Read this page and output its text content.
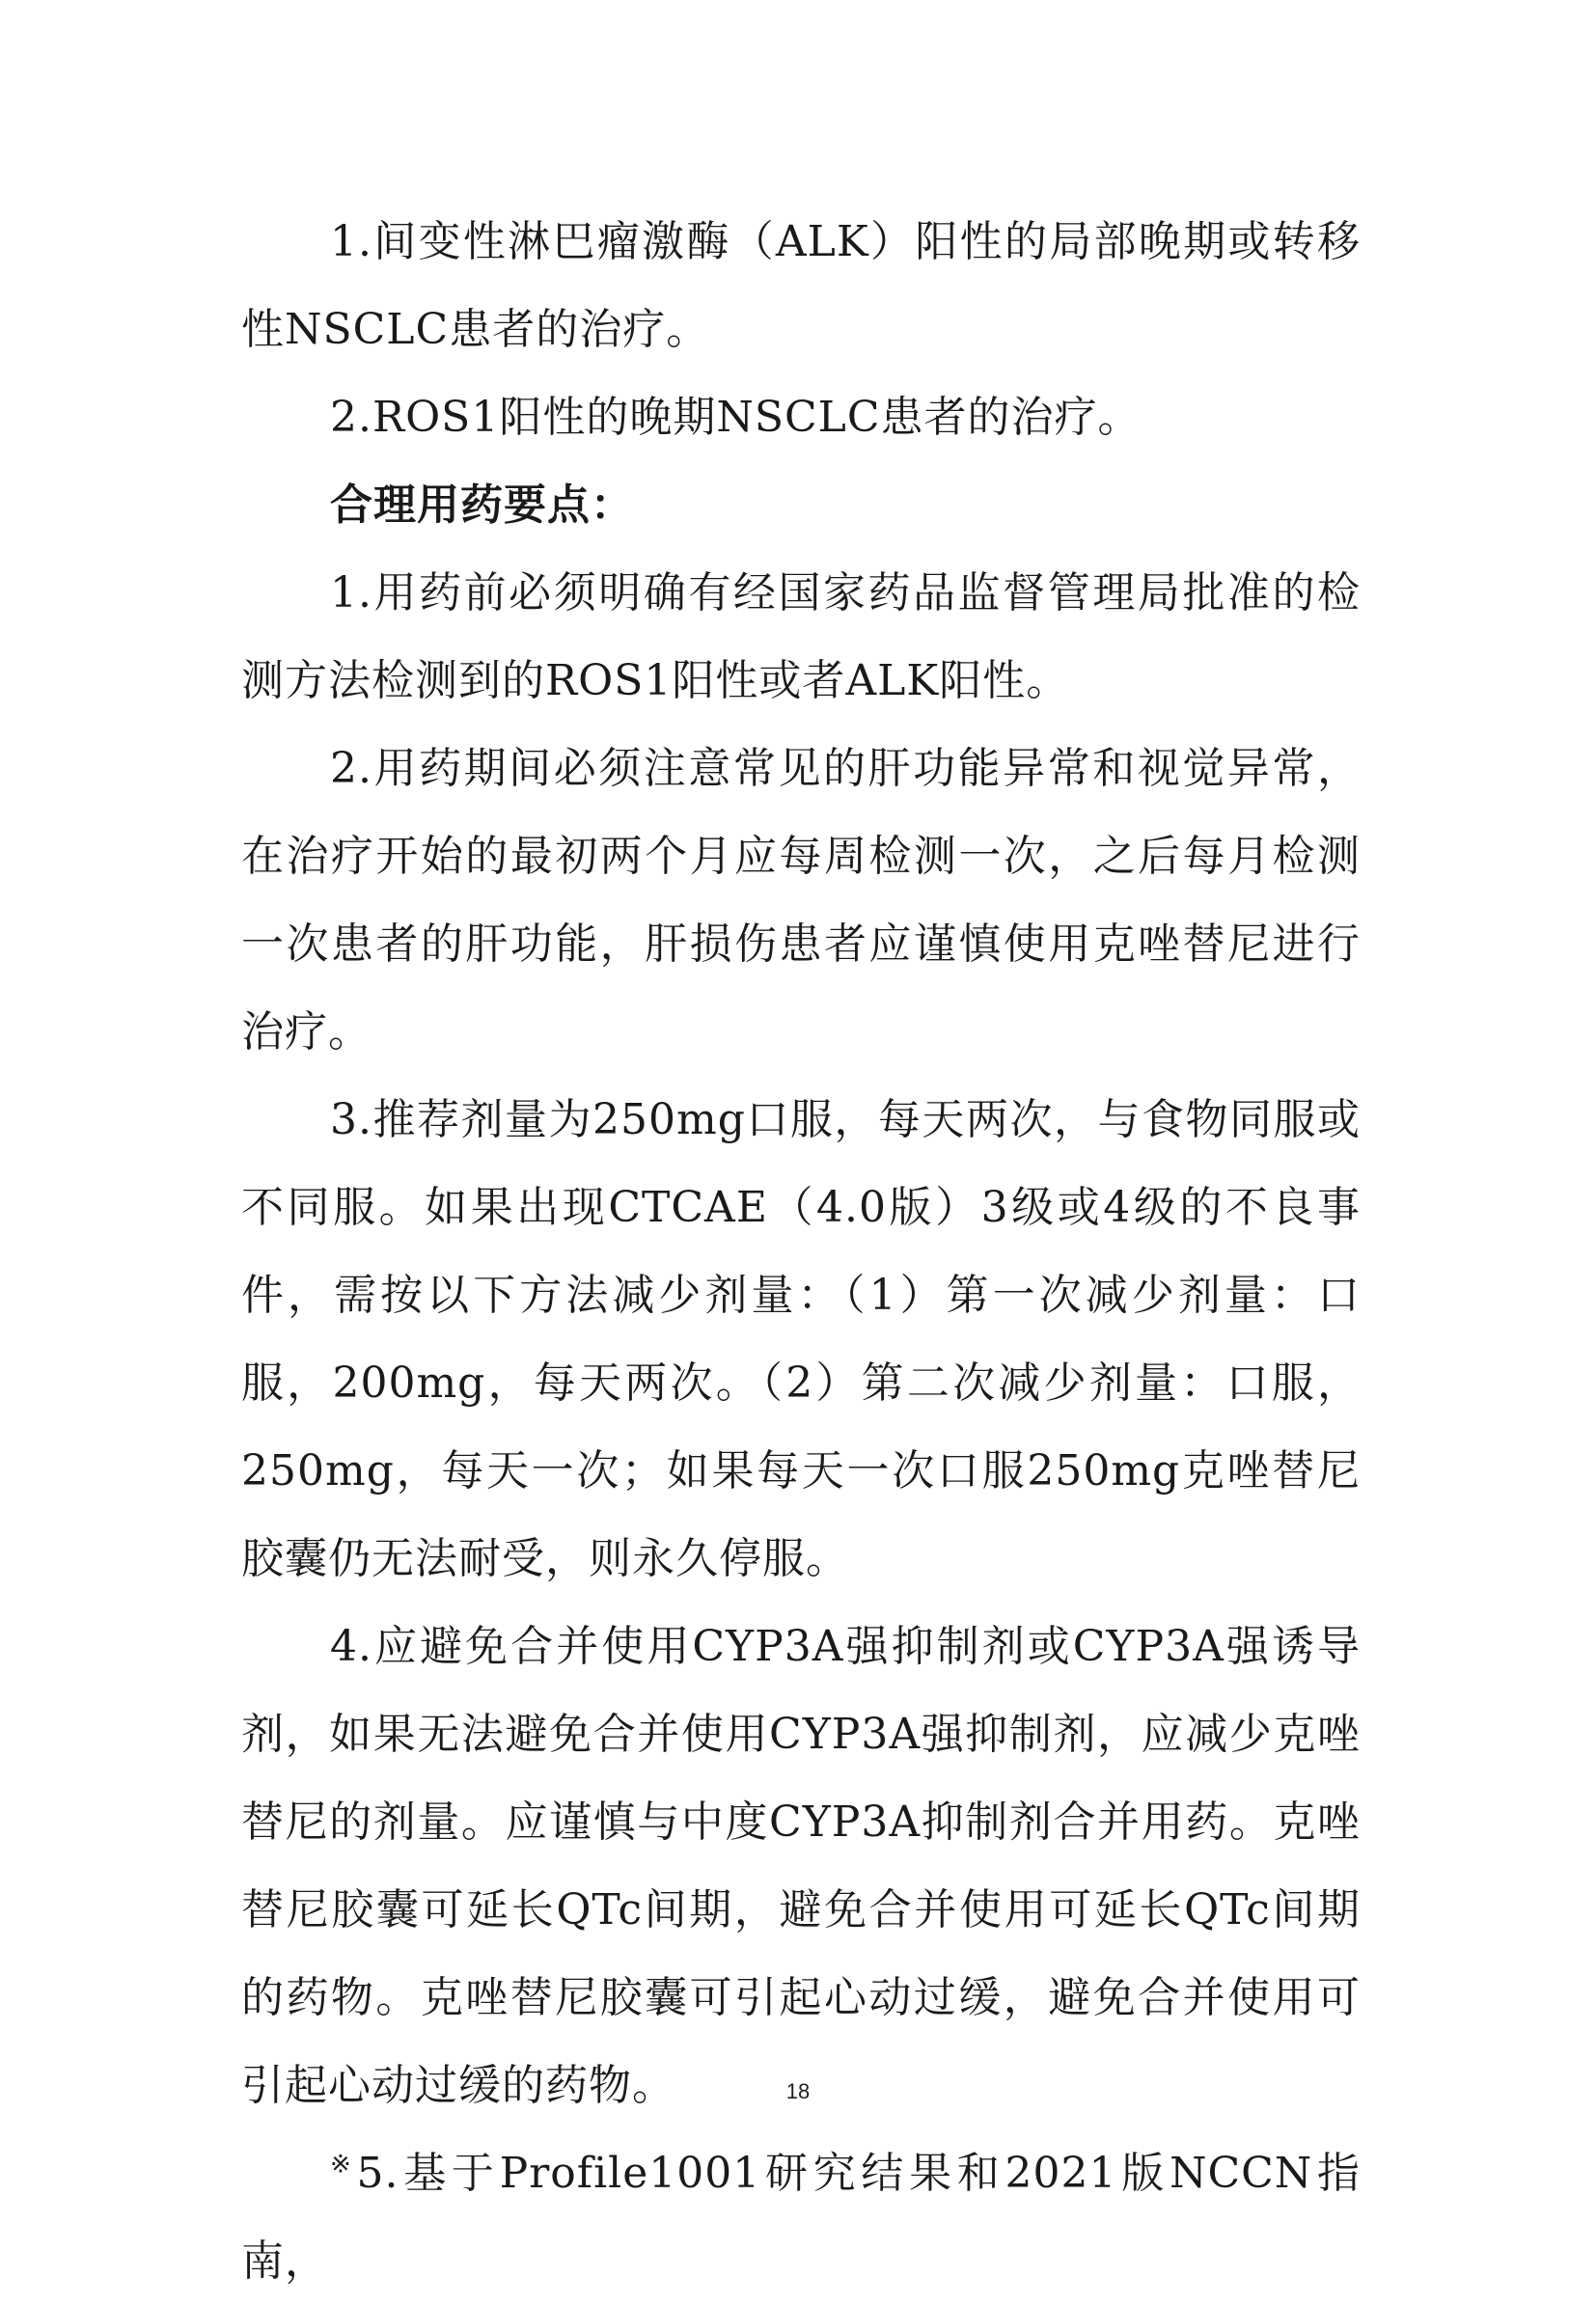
1.间变性淋巴瘤激酶（ALK）阳性的局部晚期或转移性NSCLC患者的治疗。

2.ROS1阳性的晚期NSCLC患者的治疗。

合理用药要点：

1.用药前必须明确有经国家药品监督管理局批准的检测方法检测到的ROS1阳性或者ALK阳性。

2.用药期间必须注意常见的肝功能异常和视觉异常，在治疗开始的最初两个月应每周检测一次，之后每月检测一次患者的肝功能，肝损伤患者应谨慎使用克唑替尼进行治疗。

3.推荐剂量为250mg口服，每天两次，与食物同服或不同服。如果出现CTCAE（4.0版）3级或4级的不良事件，需按以下方法减少剂量：（1）第一次减少剂量：口服，200mg，每天两次。（2）第二次减少剂量：口服，250mg，每天一次；如果每天一次口服250mg克唑替尼胶囊仍无法耐受，则永久停服。

4.应避免合并使用CYP3A强抑制剂或CYP3A强诱导剂，如果无法避免合并使用CYP3A强抑制剂，应减少克唑替尼的剂量。应谨慎与中度CYP3A抑制剂合并用药。克唑替尼胶囊可延长QTc间期，避免合并使用可延长QTc间期的药物。克唑替尼胶囊可引起心动过缓，避免合并使用可引起心动过缓的药物。

※5.基于Profile1001研究结果和2021版NCCN指南，

18
